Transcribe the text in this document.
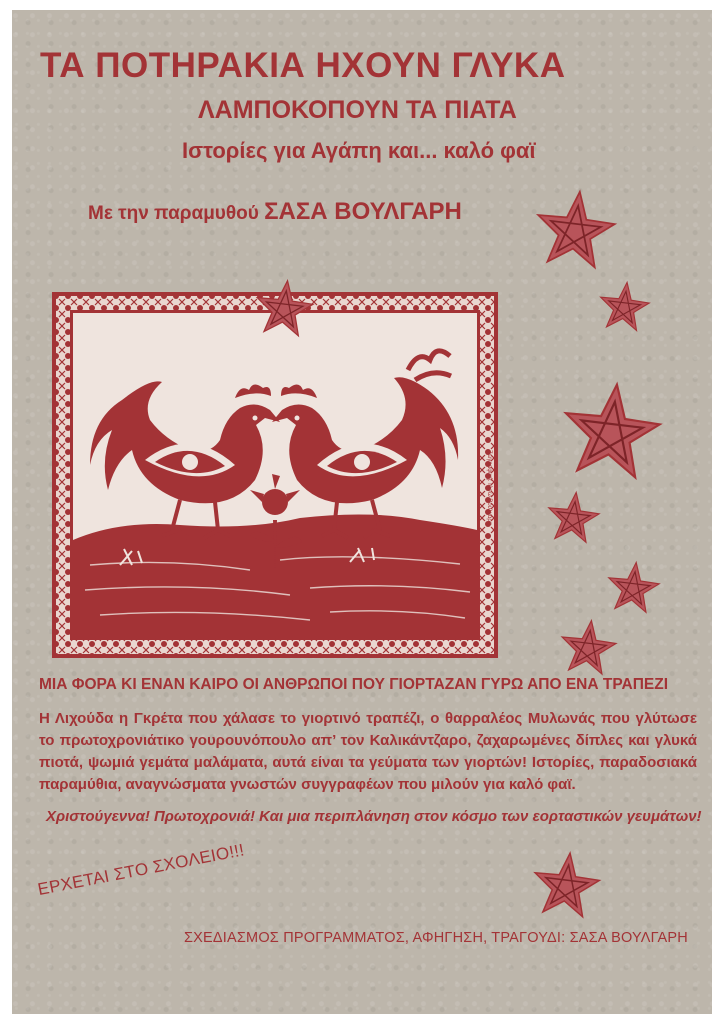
ΤΑ ΠΟΤΗΡΑΚΙΑ ΗΧΟΥΝ ΓΛΥΚΑ
ΛΑΜΠΟΚΟΠΟΥΝ ΤΑ ΠΙΑΤΑ
Ιστορίες για Αγάπη και... καλό φαϊ
Με την παραμυθού ΣΑΣΑ ΒΟΥΛΓΑΡΗ
Ζωγραφική: Ιάσω Βουλγάρη
ΜΙΑ ΦΟΡΑ ΚΙ ΕΝΑΝ ΚΑΙΡΟ ΟΙ ΑΝΘΡΩΠΟΙ ΠΟΥ ΓΙΟΡΤΑΖΑΝ ΓΥΡΩ ΑΠΟ ΕΝΑ ΤΡΑΠΕΖΙ
Η Λιχούδα η Γκρέτα που χάλασε το γιορτινό τραπέζι, ο θαρραλέος Μυλωνάς που γλύτωσε το πρωτοχρονιάτικο γουρουνόπουλο απ’ τον Καλικάντζαρο, ζαχαρωμένες δίπλες και γλυκά πιοτά, ψωμιά γεμάτα μαλάματα, αυτά είναι τα γεύματα των γιορτών! Ιστορίες, παραδοσιακά παραμύθια, αναγνώσματα γνωστών συγγραφέων που μιλούν για καλό φαϊ.
Χριστούγεννα! Πρωτοχρονιά! Και μια περιπλάνηση στον κόσμο των εορταστικών γευμάτων!
ΕΡΧΕΤΑΙ ΣΤΟ ΣΧΟΛΕΙΟ!!!
ΣΧΕΔΙΑΣΜΟΣ ΠΡΟΓΡΑΜΜΑΤΟΣ, ΑΦΗΓΗΣΗ, ΤΡΑΓΟΥΔΙ: ΣΑΣΑ ΒΟΥΛΓΑΡΗ
